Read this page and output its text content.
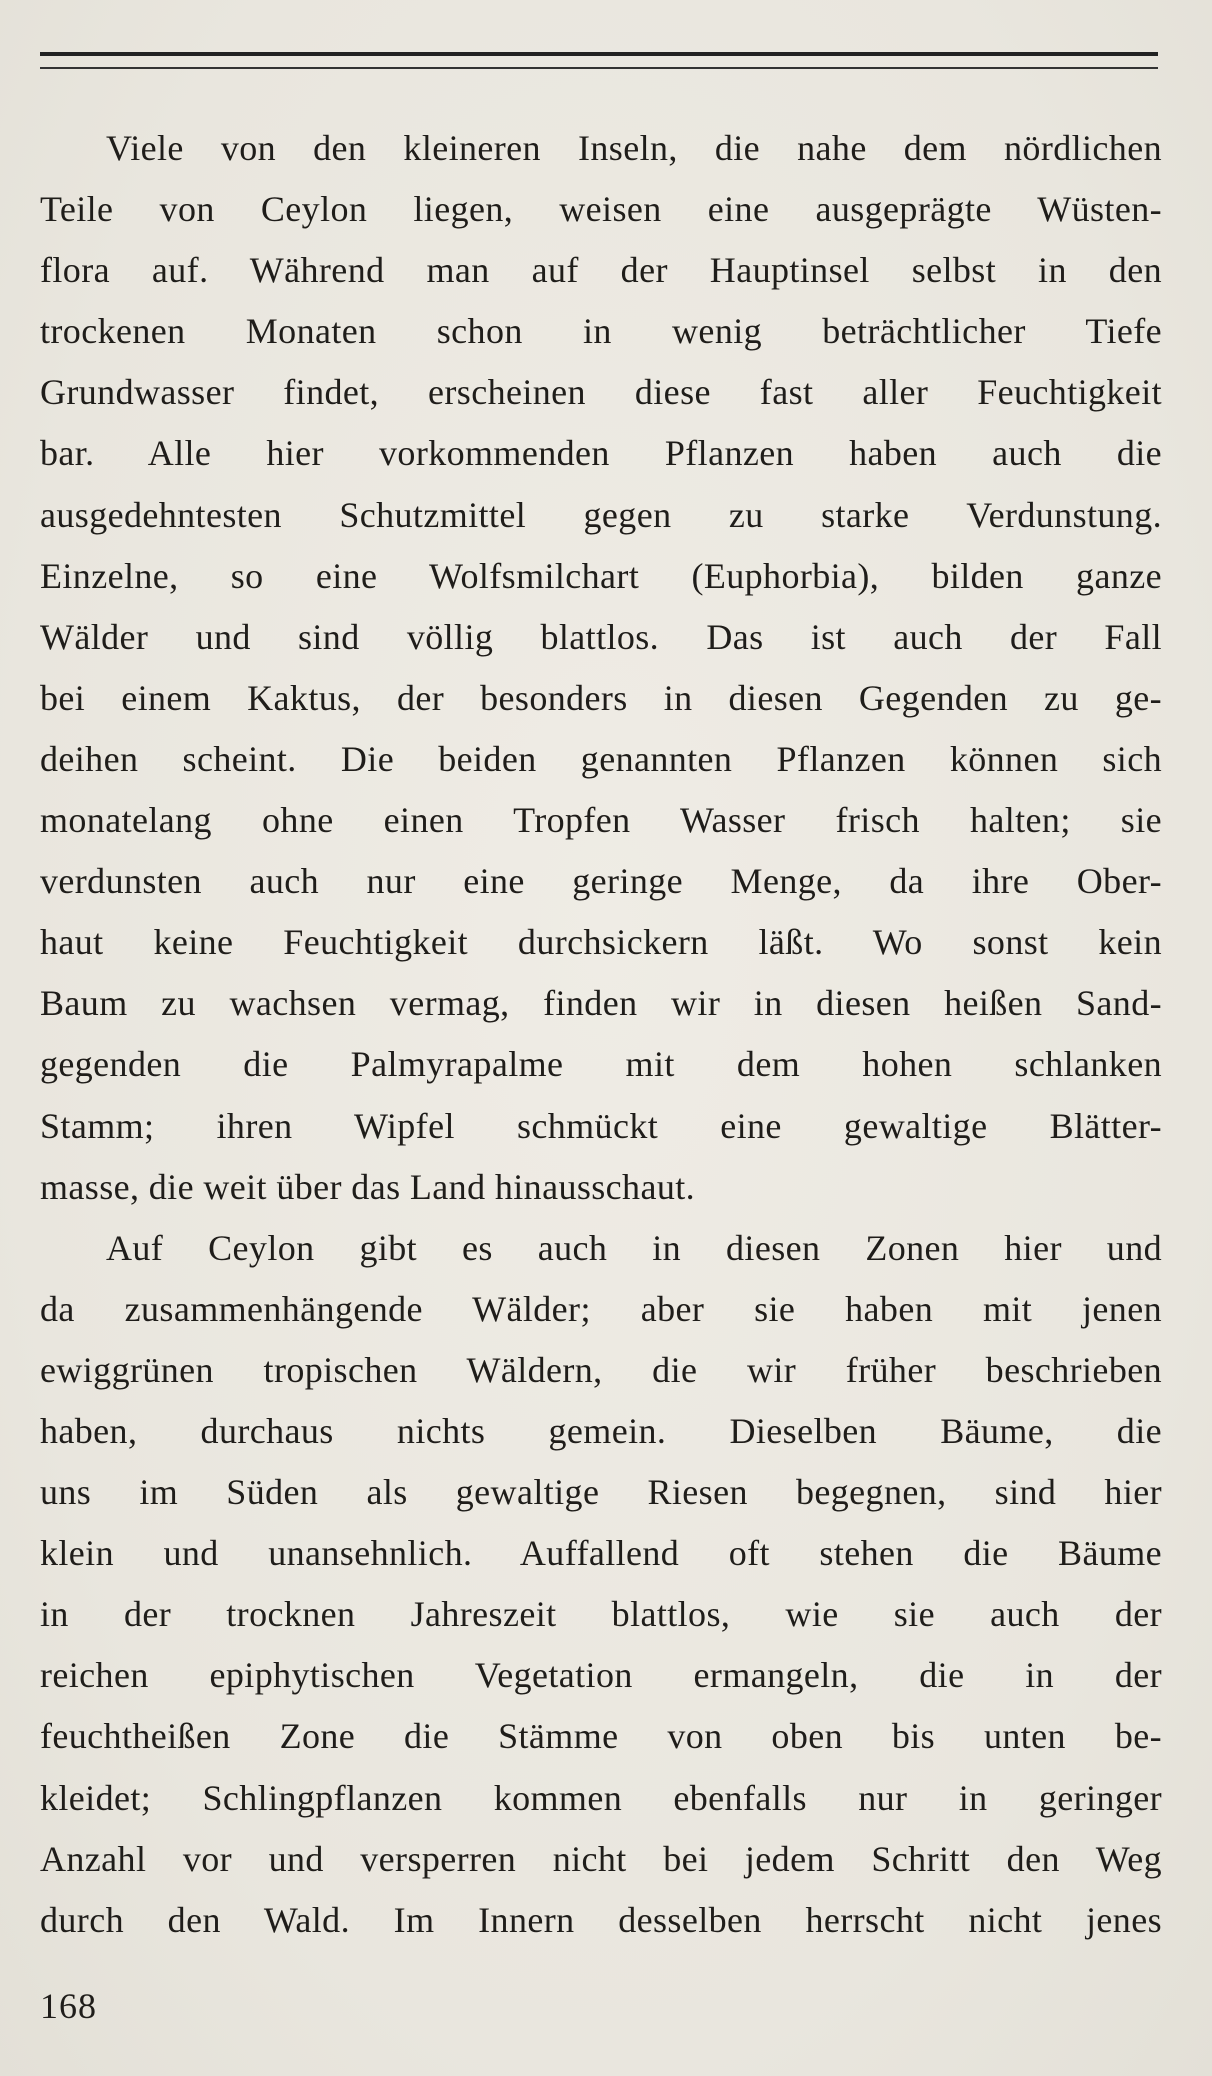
Viele von den kleineren Inseln, die nahe dem nördlichen
Teile von Ceylon liegen, weisen eine ausgeprägte Wüsten-
flora auf. Während man auf der Hauptinsel selbst in den
trockenen Monaten schon in wenig beträchtlicher Tiefe
Grundwasser findet, erscheinen diese fast aller Feuchtigkeit
bar. Alle hier vorkommenden Pflanzen haben auch die
ausgedehntesten Schutzmittel gegen zu starke Verdunstung.
Einzelne, so eine Wolfsmilchart (Euphorbia), bilden ganze
Wälder und sind völlig blattlos. Das ist auch der Fall
bei einem Kaktus, der besonders in diesen Gegenden zu ge-
deihen scheint. Die beiden genannten Pflanzen können sich
monatelang ohne einen Tropfen Wasser frisch halten; sie
verdunsten auch nur eine geringe Menge, da ihre Ober-
haut keine Feuchtigkeit durchsickern läßt. Wo sonst kein
Baum zu wachsen vermag, finden wir in diesen heißen Sand-
gegenden die Palmyrapalme mit dem hohen schlanken
Stamm; ihren Wipfel schmückt eine gewaltige Blätter-
masse, die weit über das Land hinausschaut.
Auf Ceylon gibt es auch in diesen Zonen hier und
da zusammenhängende Wälder; aber sie haben mit jenen
ewiggrünen tropischen Wäldern, die wir früher beschrieben
haben, durchaus nichts gemein. Dieselben Bäume, die
uns im Süden als gewaltige Riesen begegnen, sind hier
klein und unansehnlich. Auffallend oft stehen die Bäume
in der trocknen Jahreszeit blattlos, wie sie auch der
reichen epiphytischen Vegetation ermangeln, die in der
feuchtheißen Zone die Stämme von oben bis unten be-
kleidet; Schlingpflanzen kommen ebenfalls nur in geringer
Anzahl vor und versperren nicht bei jedem Schritt den Weg
durch den Wald. Im Innern desselben herrscht nicht jenes
168
